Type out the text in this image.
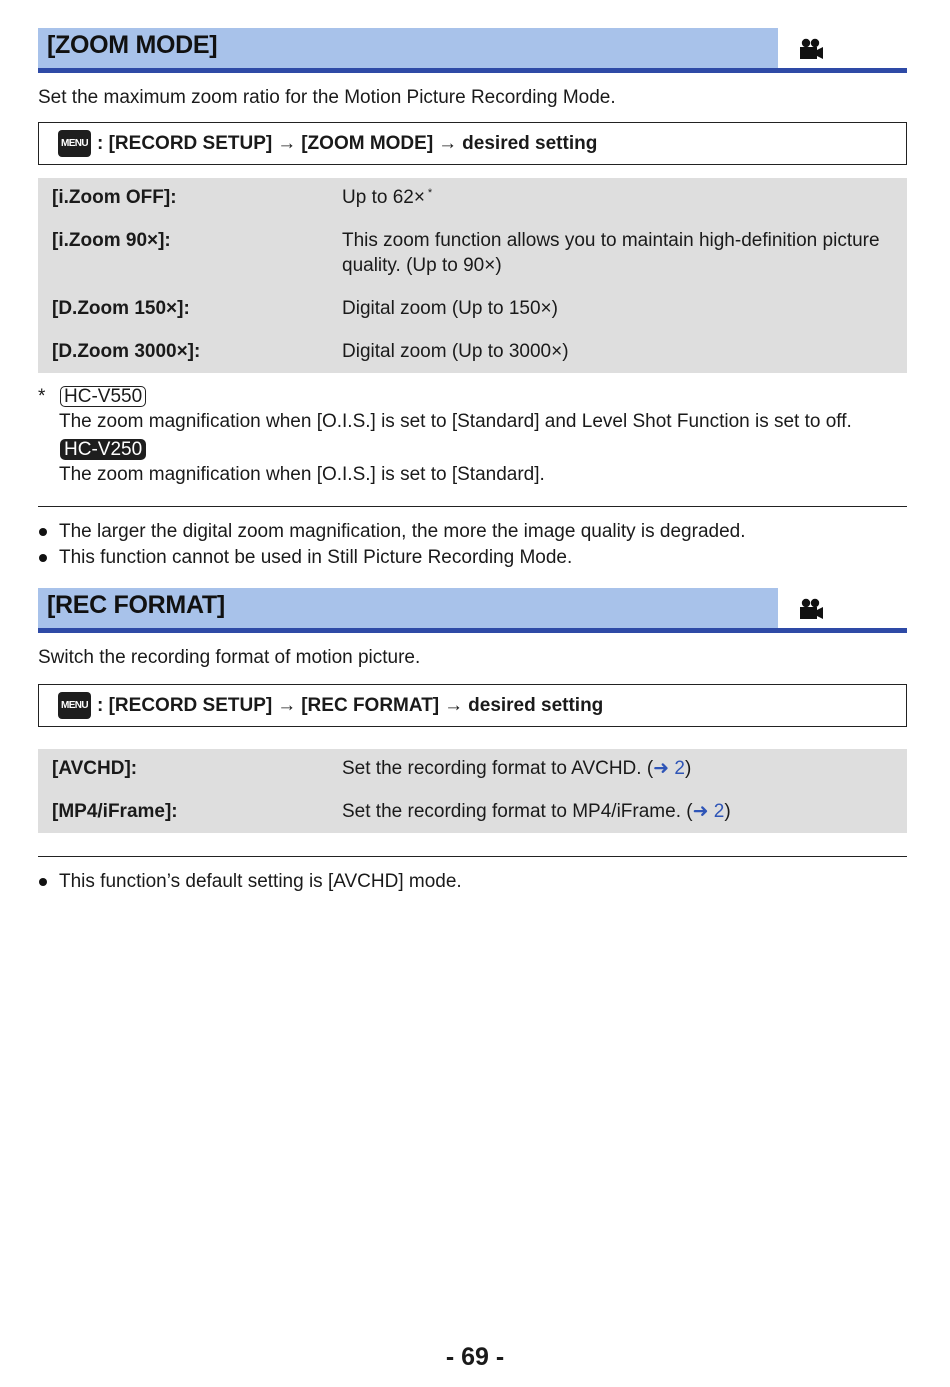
[ZOOM MODE]

Set the maximum zoom ratio for the Motion Picture Recording Mode.

MENU : [RECORD SETUP] → [ZOOM MODE] → desired setting
[i.Zoom OFF]:	Up to 62× *
[i.Zoom 90×]:	This zoom function allows you to maintain high-definition picture quality. (Up to 90×)
[D.Zoom 150×]:	Digital zoom (Up to 150×)
[D.Zoom 3000×]:	Digital zoom (Up to 3000×)
* HC-V550
The zoom magnification when [O.I.S.] is set to [Standard] and Level Shot Function is set to off.
HC-V250
The zoom magnification when [O.I.S.] is set to [Standard].
The larger the digital zoom magnification, the more the image quality is degraded.
This function cannot be used in Still Picture Recording Mode.
[REC FORMAT]

Switch the recording format of motion picture.

MENU : [RECORD SETUP] → [REC FORMAT] → desired setting
[AVCHD]:	Set the recording format to AVCHD. (➜ 2)
[MP4/iFrame]:	Set the recording format to MP4/iFrame. (➜ 2)
This function’s default setting is [AVCHD] mode.
- 69 -
